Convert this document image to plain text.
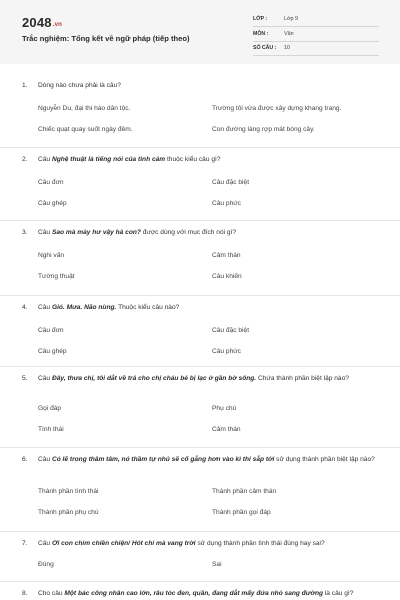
2048.vn
Trắc nghiệm: Tổng kết về ngữ pháp (tiếp theo)
LỚP :	Lớp 9
MÔN :	Văn
SỐ CÂU : 10
1. Dòng nào chưa phải là câu?
Nguyễn Du, đại thi hào dân tộc.	Trường tôi vừa được xây dựng khang trang.
Chiếc quạt quay suốt ngày đêm.	Con đường làng rợp mát bóng cây.
2. Câu Nghệ thuật là tiếng nói của tình cảm thuộc kiểu câu gì?
Câu đơn	Câu đặc biệt
Câu ghép	Câu phức
3. Câu Sao mà mày hư vậy hả con? được dùng với mục đích nói gì?
Nghi vấn	Cảm thán
Tường thuật	Câu khiến
4. Câu Gió. Mưa. Não nùng. Thuộc kiểu câu nào?
Câu đơn	Câu đặc biệt
Câu ghép	Câu phức
5. Câu Đây, thưa chị, tôi dắt về trả cho chị cháu bé bị lạc ở gần bờ sông. Chứa thành phần biệt lập nào?
Gọi đáp	Phụ chú
Tình thái	Cảm thán
6. Câu Có lẽ trong thâm tâm, nó thầm tự nhủ sẽ cố gắng hơn vào kì thi sắp tới sử dụng thành phần biệt lập nào?
Thành phần tình thái	Thành phần cảm thán
Thành phần phụ chú	Thành phần gọi đáp
7. Câu Ơi con chim chiền chiện/ Hót chi mà vang trời sử dụng thành phần tình thái đúng hay sai?
Đúng	Sai
8. Cho câu Một bác công nhân cao lớn, râu tóc đen, quần, đang dắt mấy đứa nhỏ sang đường là câu gì?
